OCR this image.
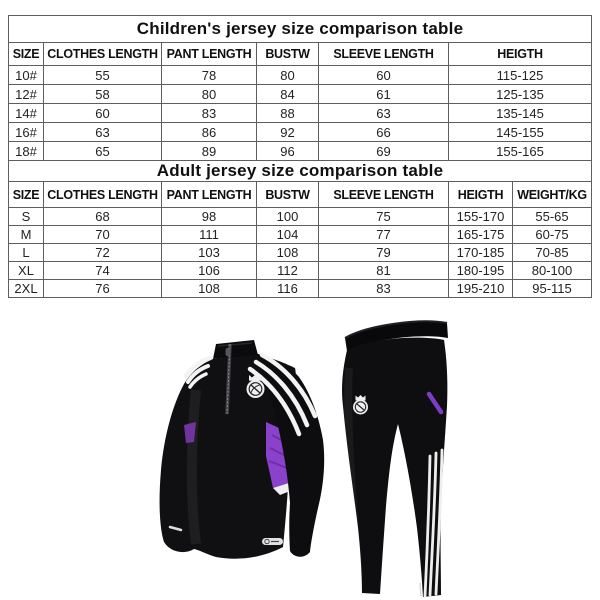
Children's jersey size comparison table					
SIZE	CLOTHES LENGTH	PANT LENGTH	BUSTW	SLEEVE LENGTH	HEIGTH
10#	55	78	80	60	115-125
12#	58	80	84	61	125-135
14#	60	83	88	63	135-145
16#	63	86	92	66	145-155
18#	65	89	96	69	155-165
Adult jersey size comparison table						
SIZE	CLOTHES LENGTH	PANT LENGTH	BUSTW	SLEEVE LENGTH	HEIGTH	WEIGHT/KG
S	68	98	100	75	155-170	55-65
M	70	111	104	77	165-175	60-75
L	72	103	108	79	170-185	70-85
XL	74	106	112	81	180-195	80-100
2XL	76	108	116	83	195-210	95-115
